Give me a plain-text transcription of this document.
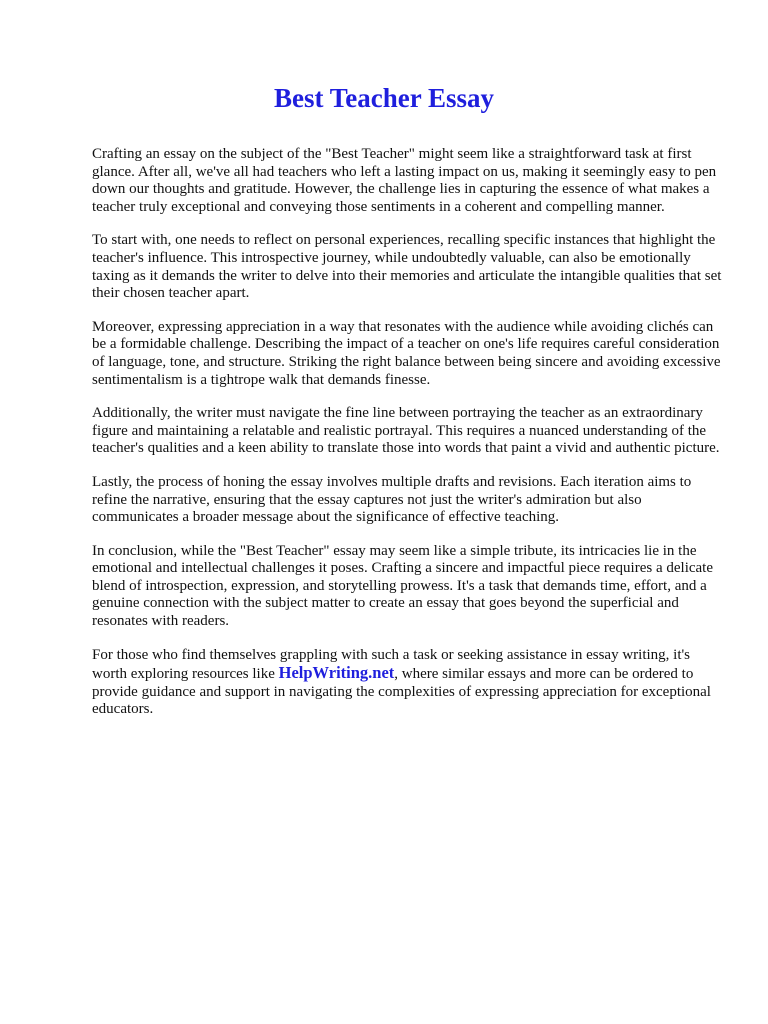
Best Teacher Essay

Crafting an essay on the subject of the "Best Teacher" might seem like a straightforward task at first glance. After all, we've all had teachers who left a lasting impact on us, making it seemingly easy to pen down our thoughts and gratitude. However, the challenge lies in capturing the essence of what makes a teacher truly exceptional and conveying those sentiments in a coherent and compelling manner.

To start with, one needs to reflect on personal experiences, recalling specific instances that highlight the teacher's influence. This introspective journey, while undoubtedly valuable, can also be emotionally taxing as it demands the writer to delve into their memories and articulate the intangible qualities that set their chosen teacher apart.

Moreover, expressing appreciation in a way that resonates with the audience while avoiding clichés can be a formidable challenge. Describing the impact of a teacher on one's life requires careful consideration of language, tone, and structure. Striking the right balance between being sincere and avoiding excessive sentimentalism is a tightrope walk that demands finesse.

Additionally, the writer must navigate the fine line between portraying the teacher as an extraordinary figure and maintaining a relatable and realistic portrayal. This requires a nuanced understanding of the teacher's qualities and a keen ability to translate those into words that paint a vivid and authentic picture.

Lastly, the process of honing the essay involves multiple drafts and revisions. Each iteration aims to refine the narrative, ensuring that the essay captures not just the writer's admiration but also communicates a broader message about the significance of effective teaching.

In conclusion, while the "Best Teacher" essay may seem like a simple tribute, its intricacies lie in the emotional and intellectual challenges it poses. Crafting a sincere and impactful piece requires a delicate blend of introspection, expression, and storytelling prowess. It's a task that demands time, effort, and a genuine connection with the subject matter to create an essay that goes beyond the superficial and resonates with readers.

For those who find themselves grappling with such a task or seeking assistance in essay writing, it's worth exploring resources like HelpWriting.net, where similar essays and more can be ordered to provide guidance and support in navigating the complexities of expressing appreciation for exceptional educators.
